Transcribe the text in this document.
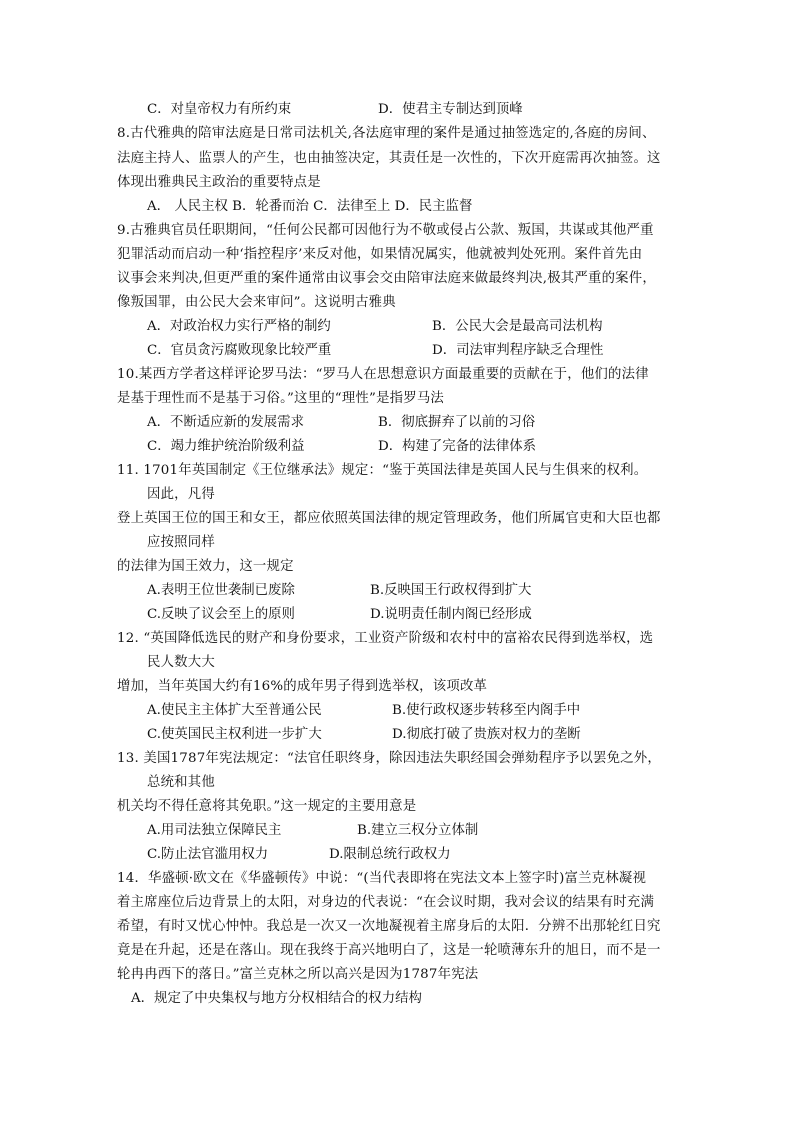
C．对皇帝权力有所约束	D．使君主专制达到顶峰
8.古代雅典的陪审法庭是日常司法机关,各法庭审理的案件是通过抽签选定的,各庭的房间、
法庭主持人、监票人的产生，也由抽签决定，其责任是一次性的，下次开庭需再次抽签。这
体现出雅典民主政治的重要特点是
A． 人民主权 B．轮番而治 C．法律至上 D．民主监督
9.古雅典官员任职期间，“任何公民都可因他行为不敬或侵占公款、叛国，共谋或其他严重
犯罪活动而启动一种‘指控程序’来反对他，如果情况属实，他就被判处死刑。案件首先由
议事会来判决,但更严重的案件通常由议事会交由陪审法庭来做最终判决,极其严重的案件，
像叛国罪，由公民大会来审问”。这说明古雅典
A．对政治权力实行严格的制约	B．公民大会是最高司法机构
C．官员贪污腐败现象比较严重	D．司法审判程序缺乏合理性
10.某西方学者这样评论罗马法：“罗马人在思想意识方面最重要的贡献在于，他们的法律
是基于理性而不是基于习俗。”这里的“理性”是指罗马法
A．不断适应新的发展需求	B．彻底摒弃了以前的习俗
C．竭力维护统治阶级利益	D．构建了完备的法律体系
11. 1701年英国制定《王位继承法》规定：“鉴于英国法律是英国人民与生俱来的权利。
因此，凡得
登上英国王位的国王和女王，都应依照英国法律的规定管理政务，他们所属官吏和大臣也都
应按照同样
的法律为国王效力，这一规定
A.表明王位世袭制已废除	B.反映国王行政权得到扩大
C.反映了议会至上的原则	D.说明责任制内阁已经形成
12. “英国降低选民的财产和身份要求，工业资产阶级和农村中的富裕农民得到选举权，选
民人数大大
增加，当年英国大约有16%的成年男子得到选举权，该项改革
A.使民主主体扩大至普通公民	B.使行政权逐步转移至内阁手中
C.使英国民主权利进一步扩大	D.彻底打破了贵族对权力的垄断
13. 美国1787年宪法规定：“法官任职终身，除因违法失职经国会弹劾程序予以罢免之外，
总统和其他
机关均不得任意将其免职。”这一规定的主要用意是
A.用司法独立保障民主	B.建立三权分立体制
C.防止法官滥用权力	D.限制总统行政权力
14．华盛顿·欧文在《华盛顿传》中说：“(当代表即将在宪法文本上签字时)富兰克林凝视
着主席座位后边背景上的太阳，对身边的代表说：“在会议时期，我对会议的结果有时充满
希望，有时又忧心忡忡。我总是一次又一次地凝视着主席身后的太阳．分辨不出那轮红日究
竟是在升起，还是在落山。现在我终于高兴地明白了，这是一轮喷薄东升的旭日，而不是一
轮冉冉西下的落日。”富兰克林之所以高兴是因为1787年宪法
A．规定了中央集权与地方分权相结合的权力结构
